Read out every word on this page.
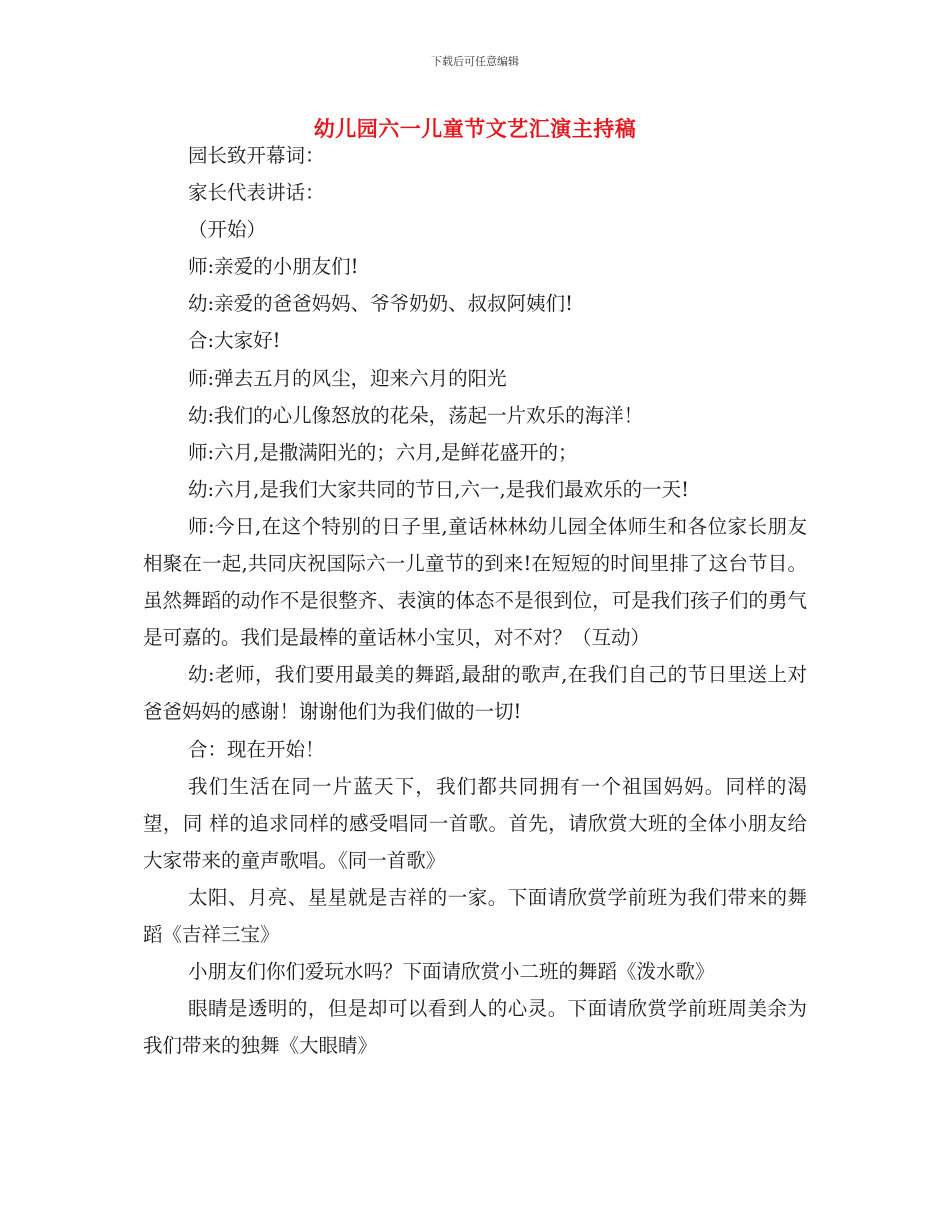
下载后可任意编辑
幼儿园六一儿童节文艺汇演主持稿

园长致开幕词：

家长代表讲话：

（开始）

师:亲爱的小朋友们!

幼:亲爱的爸爸妈妈、爷爷奶奶、叔叔阿姨们!

合:大家好!

师:弹去五月的风尘，迎来六月的阳光

幼:我们的心儿像怒放的花朵，荡起一片欢乐的海洋！

师:六月,是撒满阳光的；六月,是鲜花盛开的；

幼:六月,是我们大家共同的节日,六一,是我们最欢乐的一天!

师:今日,在这个特别的日子里,童话林林幼儿园全体师生和各位家长朋友相聚在一起,共同庆祝国际六一儿童节的到来!在短短的时间里排了这台节目。虽然舞蹈的动作不是很整齐、表演的体态不是很到位，可是我们孩子们的勇气是可嘉的。我们是最棒的童话林小宝贝，对不对？（互动）

幼:老师，我们要用最美的舞蹈,最甜的歌声,在我们自己的节日里送上对爸爸妈妈的感谢！谢谢他们为我们做的一切!

合：现在开始！

我们生活在同一片蓝天下，我们都共同拥有一个祖国妈妈。同样的渴望，同 样的追求同样的感受唱同一首歌。首先，请欣赏大班的全体小朋友给大家带来的童声歌唱。《同一首歌》

太阳、月亮、星星就是吉祥的一家。下面请欣赏学前班为我们带来的舞蹈《吉祥三宝》

小朋友们你们爱玩水吗？下面请欣赏小二班的舞蹈《泼水歌》

眼睛是透明的，但是却可以看到人的心灵。下面请欣赏学前班周美余为我们带来的独舞《大眼睛》
